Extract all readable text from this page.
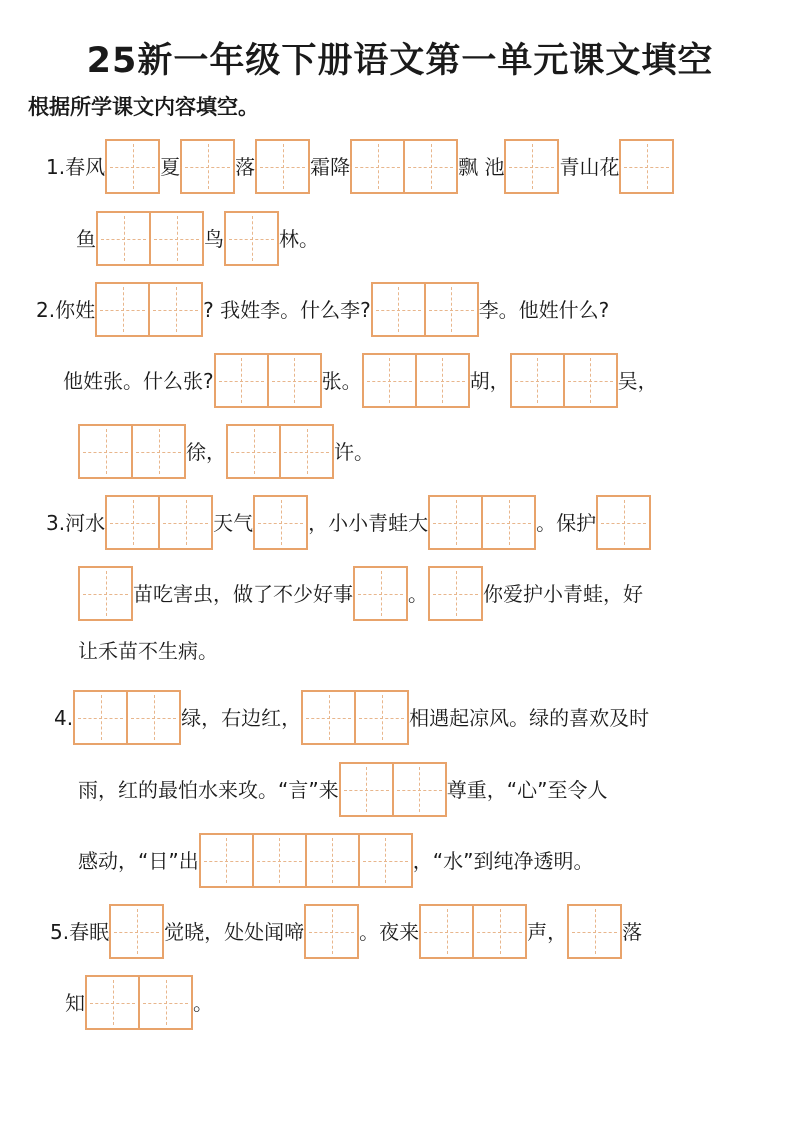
25新一年级下册语文第一单元课文填空
根据所学课文内容填空。
1.春风	夏	落	霜降	飘 池	青山花
鱼	鸟	林。
2.你姓	? 我姓李。什么李?	李。他姓什么?
他姓张。什么张?	张。	胡，	吴，
徐，	许。
3.河水	天气	，小小青蛙大	。保护
苗吃害虫，做了不少好事	。	你爱护小青蛙，好
让禾苗不生病。
4.	绿，右边红，	相遇起凉风。绿的喜欢及时
雨，红的最怕水来攻。“言”来	尊重，“心”至令人
感动，“日”出	，“水”到纯净透明。
5.春眠	觉晓，处处闻啼	。夜来	声，	落
知	。
